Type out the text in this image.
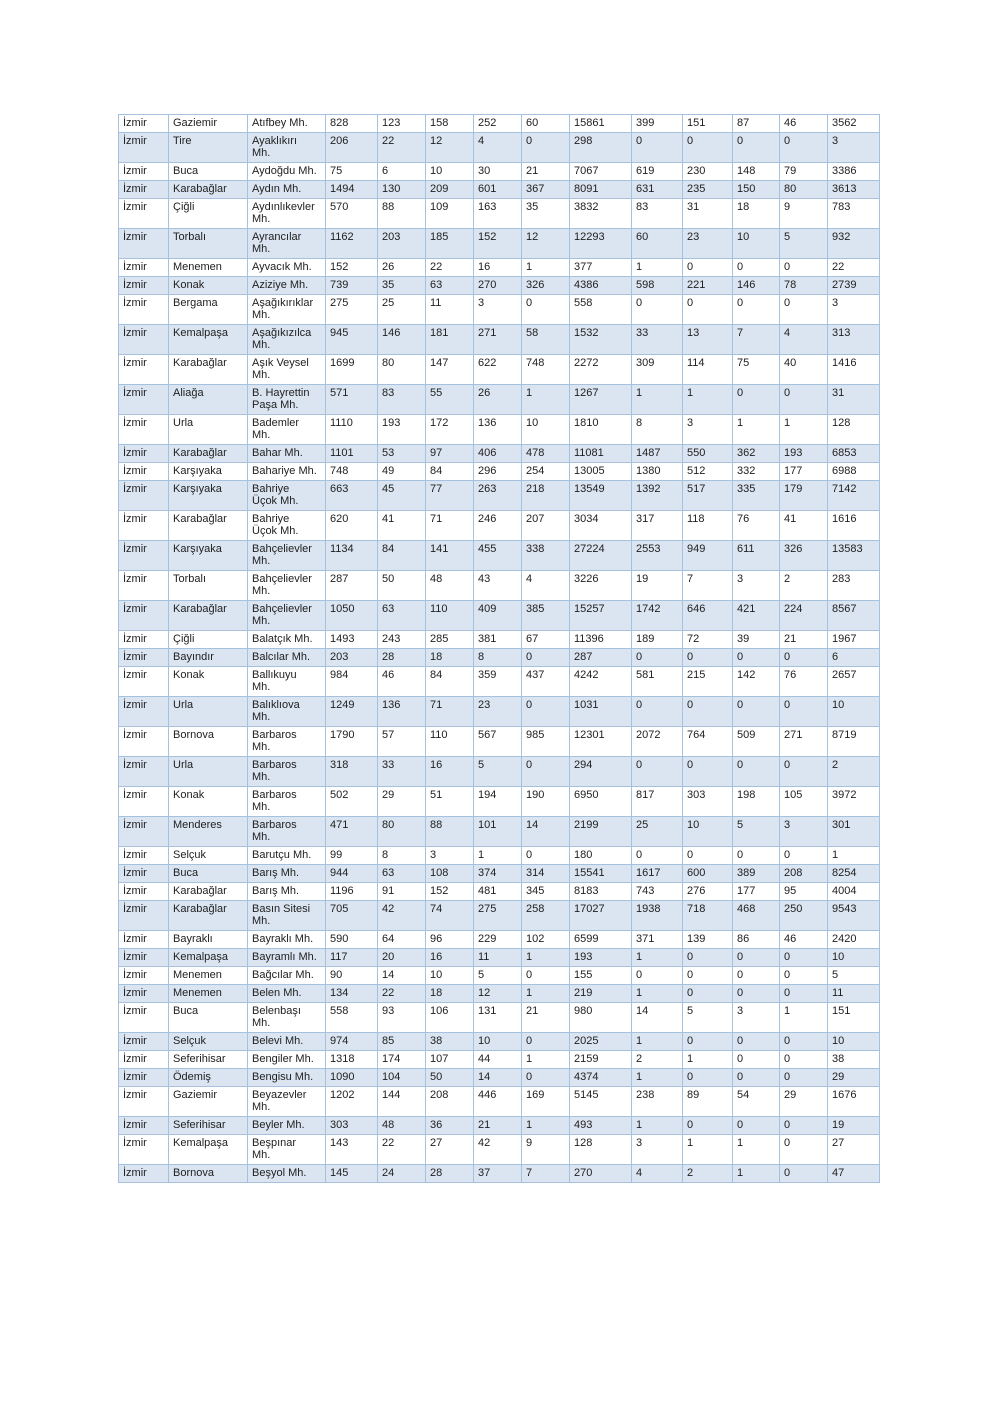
İzmir	Gaziemir	Atıfbey Mh.	828	123	158	252	60	15861	399	151	87	46	3562
İzmir	Tire	Ayaklıkırı Mh.	206	22	12	4	0	298	0	0	0	0	3
İzmir	Buca	Aydoğdu Mh.	75	6	10	30	21	7067	619	230	148	79	3386
İzmir	Karabağlar	Aydın Mh.	1494	130	209	601	367	8091	631	235	150	80	3613
İzmir	Çiğli	Aydınlıkevler Mh.	570	88	109	163	35	3832	83	31	18	9	783
İzmir	Torbalı	Ayrancılar Mh.	1162	203	185	152	12	12293	60	23	10	5	932
İzmir	Menemen	Ayvacık Mh.	152	26	22	16	1	377	1	0	0	0	22
İzmir	Konak	Aziziye Mh.	739	35	63	270	326	4386	598	221	146	78	2739
İzmir	Bergama	Aşağıkırıklar Mh.	275	25	11	3	0	558	0	0	0	0	3
İzmir	Kemalpaşa	Aşağıkızılca Mh.	945	146	181	271	58	1532	33	13	7	4	313
İzmir	Karabağlar	Aşık Veysel Mh.	1699	80	147	622	748	2272	309	114	75	40	1416
İzmir	Aliağa	B. Hayrettin Paşa Mh.	571	83	55	26	1	1267	1	1	0	0	31
İzmir	Urla	Bademler Mh.	1110	193	172	136	10	1810	8	3	1	1	128
İzmir	Karabağlar	Bahar Mh.	1101	53	97	406	478	11081	1487	550	362	193	6853
İzmir	Karşıyaka	Bahariye Mh.	748	49	84	296	254	13005	1380	512	332	177	6988
İzmir	Karşıyaka	Bahriye Üçok Mh.	663	45	77	263	218	13549	1392	517	335	179	7142
İzmir	Karabağlar	Bahriye Üçok Mh.	620	41	71	246	207	3034	317	118	76	41	1616
İzmir	Karşıyaka	Bahçelievler Mh.	1134	84	141	455	338	27224	2553	949	611	326	13583
İzmir	Torbalı	Bahçelievler Mh.	287	50	48	43	4	3226	19	7	3	2	283
İzmir	Karabağlar	Bahçelievler Mh.	1050	63	110	409	385	15257	1742	646	421	224	8567
İzmir	Çiğli	Balatçık Mh.	1493	243	285	381	67	11396	189	72	39	21	1967
İzmir	Bayındır	Balcılar Mh.	203	28	18	8	0	287	0	0	0	0	6
İzmir	Konak	Ballıkuyu Mh.	984	46	84	359	437	4242	581	215	142	76	2657
İzmir	Urla	Balıklıova Mh.	1249	136	71	23	0	1031	0	0	0	0	10
İzmir	Bornova	Barbaros Mh.	1790	57	110	567	985	12301	2072	764	509	271	8719
İzmir	Urla	Barbaros Mh.	318	33	16	5	0	294	0	0	0	0	2
İzmir	Konak	Barbaros Mh.	502	29	51	194	190	6950	817	303	198	105	3972
İzmir	Menderes	Barbaros Mh.	471	80	88	101	14	2199	25	10	5	3	301
İzmir	Selçuk	Barutçu Mh.	99	8	3	1	0	180	0	0	0	0	1
İzmir	Buca	Barış Mh.	944	63	108	374	314	15541	1617	600	389	208	8254
İzmir	Karabağlar	Barış Mh.	1196	91	152	481	345	8183	743	276	177	95	4004
İzmir	Karabağlar	Basın Sitesi Mh.	705	42	74	275	258	17027	1938	718	468	250	9543
İzmir	Bayraklı	Bayraklı Mh.	590	64	96	229	102	6599	371	139	86	46	2420
İzmir	Kemalpaşa	Bayramlı Mh.	117	20	16	11	1	193	1	0	0	0	10
İzmir	Menemen	Bağcılar Mh.	90	14	10	5	0	155	0	0	0	0	5
İzmir	Menemen	Belen Mh.	134	22	18	12	1	219	1	0	0	0	11
İzmir	Buca	Belenbaşı Mh.	558	93	106	131	21	980	14	5	3	1	151
İzmir	Selçuk	Belevi Mh.	974	85	38	10	0	2025	1	0	0	0	10
İzmir	Seferihisar	Bengiler Mh.	1318	174	107	44	1	2159	2	1	0	0	38
İzmir	Ödemiş	Bengisu Mh.	1090	104	50	14	0	4374	1	0	0	0	29
İzmir	Gaziemir	Beyazevler Mh.	1202	144	208	446	169	5145	238	89	54	29	1676
İzmir	Seferihisar	Beyler Mh.	303	48	36	21	1	493	1	0	0	0	19
İzmir	Kemalpaşa	Beşpınar Mh.	143	22	27	42	9	128	3	1	1	0	27
İzmir	Bornova	Beşyol Mh.	145	24	28	37	7	270	4	2	1	0	47
